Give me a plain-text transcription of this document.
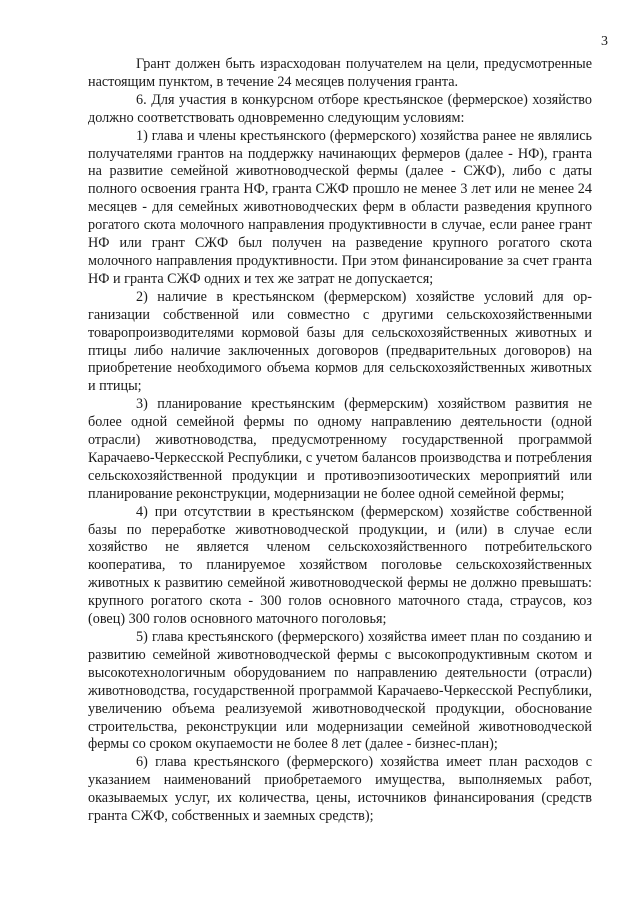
3

Грант должен быть израсходован получателем на цели, предусмотренные настоящим пунктом, в течение 24 месяцев получения гранта.

6. Для участия в конкурсном отборе крестьянское (фермерское) хозяйство должно соответствовать одновременно следующим условиям:

1) глава и члены крестьянского (фермерского) хозяйства ранее не являлись получателями грантов на поддержку начинающих фермеров (далее - НФ), гранта на развитие семейной животноводческой фермы (далее - СЖФ), либо с даты полного освоения гранта НФ, гранта СЖФ прошло не менее 3 лет или не менее 24 месяцев - для семейных животноводческих ферм в области разведения крупного рогатого скота молочного направления продуктивности в случае, если ранее грант НФ или грант СЖФ был получен на разведение крупного рогатого скота молочного направления продуктивности. При этом финансирование за счет гранта НФ и гранта СЖФ одних и тех же затрат не допускается;

2) наличие в крестьянском (фермерском) хозяйстве условий для организации собственной или совместно с другими сельскохозяйственными товаропроизводителями кормовой базы для сельскохозяйственных животных и птицы либо наличие заключенных договоров (предварительных договоров) на приобретение необходимого объема кормов для сельскохозяйственных животных и птицы;

3) планирование крестьянским (фермерским) хозяйством развития не более одной семейной фермы по одному направлению деятельности (одной отрасли) животноводства, предусмотренному государственной программой Карачаево-Черкесской Республики, с учетом балансов производства и потребления сельскохозяйственной продукции и противоэпизоoтических мероприятий или планирование реконструкции, модернизации не более одной семейной фермы;

4) при отсутствии в крестьянском (фермерском) хозяйстве собственной базы по переработке животноводческой продукции, и (или) в случае если хозяйство не является членом сельскохозяйственного потребительского кооператива, то планируемое хозяйством поголовье сельскохозяйственных животных к развитию семейной животноводческой фермы не должно превышать: крупного рогатого скота - 300 голов основного маточного стада, страусов, коз (овец) 300 голов основного маточного поголовья;

5) глава крестьянского (фермерского) хозяйства имеет план по созданию и развитию семейной животноводческой фермы с высокопродуктивным скотом и высокотехнологичным оборудованием по направлению деятельности (отрасли) животноводства, государственной программой Карачаево-Черкесской Республики, увеличению объема реализуемой животноводческой продукции, обоснование строительства, реконструкции или модернизации семейной животноводческой фермы со сроком окупаемости не более 8 лет (далее - бизнес-план);

6) глава крестьянского (фермерского) хозяйства имеет план расходов с указанием наименований приобретаемого имущества, выполняемых работ, оказываемых услуг, их количества, цены, источников финансирования (средств гранта СЖФ, собственных и заемных средств);
